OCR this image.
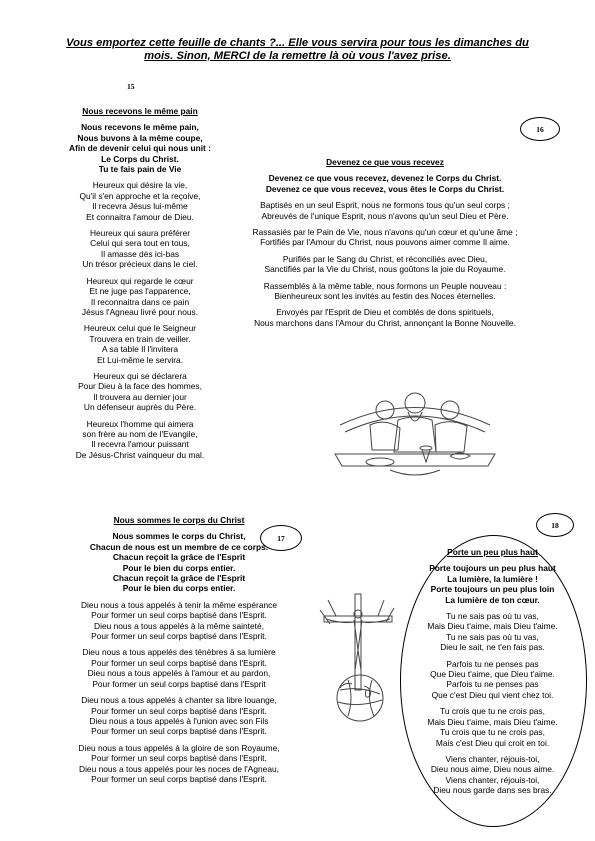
Vous emportez cette feuille de chants ?... Elle vous servira pour tous les dimanches du
mois. Sinon, MERCI de la remettre là où vous l'avez prise.
15
16
17
18
Nous recevons le même pain
Nous recevons le même pain,
Nous buvons à la même coupe,
Afin de devenir celui qui nous unit :
Le Corps du Christ.
Tu te fais pain de Vie
Heureux qui désire la vie,
Qu'il s'en approche et la reçoive,
Il recevra Jésus lui-même
Et connaitra l'amour de Dieu.
Heureux qui saura préférer
Celui qui sera tout en tous,
Il amasse dès ici-bas
Un trésor précieux dans le ciel.
Heureux qui regarde le cœur
Et ne juge pas l'apparence,
Il reconnaitra dans ce pain
Jésus l'Agneau livré pour nous.
Heureux celui que le Seigneur
Trouvera en train de veiller.
A sa table Il l'invitera
Et Lui-même le servira.
Heureux qui se déclarera
Pour Dieu à la face des hommes,
Il trouvera au dernier jour
Un défenseur auprès du Père.
Heureux l'homme qui aimera
son frère au nom de l'Evangile,
Il recevra l'amour puissant
De Jésus-Christ vainqueur du mal.
Devenez ce que vous recevez
Devenez ce que vous recevez, devenez le Corps du Christ.
Devenez ce que vous recevez, vous êtes le Corps du Christ.
Baptisés en un seul Esprit, nous ne formons tous qu'un seul corps ;
Abreuvés de l'unique Esprit, nous n'avons qu'un seul Dieu et Père.
Rassasiés par le Pain de Vie, nous n'avons qu'un cœur et qu'une âme ;
Fortifiés par l'Amour du Christ, nous pouvons aimer comme Il aime.
Purifiés par le Sang du Christ, et réconciliés avec Dieu,
Sanctifiés par la Vie du Christ, nous goûtons la joie du Royaume.
Rassemblés à la même table, nous formons un Peuple nouveau :
Bienheureux sont les invités au festin des Noces éternelles.
Envoyés par l'Esprit de Dieu et comblés de dons spirituels,
Nous marchons dans l'Amour du Christ, annonçant la Bonne Nouvelle.
Nous sommes le corps du Christ
Nous sommes le corps du Christ,
Chacun de nous est un membre de ce corps.
Chacun reçoit la grâce de l'Esprit
Pour le bien du corps entier.
Chacun reçoit la grâce de l'Esprit
Pour le bien du corps entier.
Dieu nous a tous appelés à tenir la même espérance
Pour former un seul corps baptisé dans l'Esprit.
Dieu nous a tous appelés à la même sainteté,
Pour former un seul corps baptisé dans l'Esprit.
Dieu nous a tous appelés des ténèbres à sa lumière
Pour former un seul corps baptisé dans l'Esprit.
Dieu nous a tous appelés à l'amour et au pardon,
Pour former un seul corps baptisé dans l'Esprit
Dieu nous a tous appelés à chanter sa libre louange,
Pour former un seul corps baptisé dans l'Esprit.
Dieu nous a tous appelés à l'union avec son Fils
Pour former un seul corps baptisé dans l'Esprit.
Dieu nous a tous appelés à la gloire de son Royaume,
Pour former un seul corps baptisé dans l'Esprit.
Dieu nous a tous appelés pour les noces de l'Agneau,
Pour former un seul corps baptisé dans l'Esprit.
Porte un peu plus haut
Porte toujours un peu plus haut
La lumière, la lumière !
Porte toujours un peu plus loin
La lumière de ton cœur.
Tu ne sais pas où tu vas,
Mais Dieu t'aime, mais Dieu t'aime.
Tu ne sais pas où tu vas,
Dieu le sait, ne t'en fais pas.
Parfois tu ne penses pas
Que Dieu t'aime, que Dieu t'aime.
Parfois tu ne penses pas
Que c'est Dieu qui vient chez toi.
Tu crois que tu ne crois pas,
Mais Dieu t'aime, mais Dieu t'aime.
Tu crois que tu ne crois pas,
Mais c'est Dieu qui croit en toi.
Viens chanter, réjouis-toi,
Dieu nous aime, Dieu nous aime.
Viens chanter, réjouis-toi,
Dieu nous garde dans ses bras.
